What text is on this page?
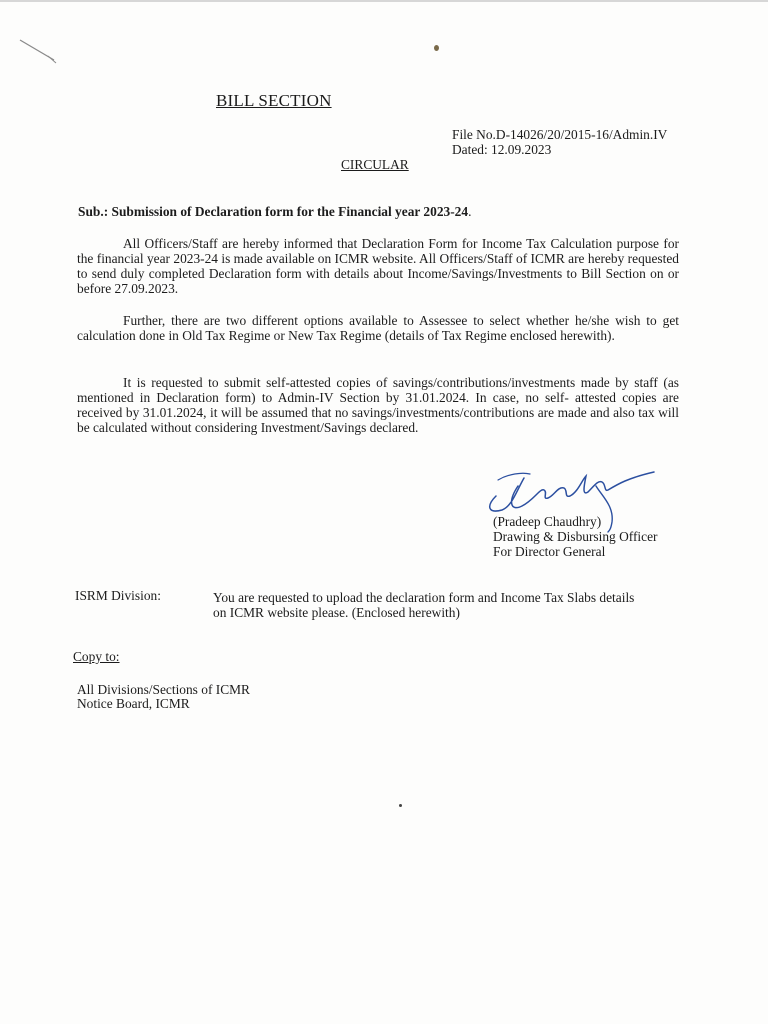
BILL SECTION
File No.D-14026/20/2015-16/Admin.IV
Dated: 12.09.2023
CIRCULAR
Sub.: Submission of Declaration form for the Financial year 2023-24.

All Officers/Staff are hereby informed that Declaration Form for Income Tax Calculation purpose for the financial year 2023-24 is made available on ICMR website. All Officers/Staff of ICMR are hereby requested to send duly completed Declaration form with details about Income/Savings/Investments to Bill Section on or before 27.09.2023.

Further, there are two different options available to Assessee to select whether he/she wish to get calculation done in Old Tax Regime or New Tax Regime (details of Tax Regime enclosed herewith).

It is requested to submit self-attested copies of savings/contributions/investments made by staff (as mentioned in Declaration form) to Admin-IV Section by 31.01.2024. In case, no self- attested copies are received by 31.01.2024, it will be assumed that no savings/investments/contributions are made and also tax will be calculated without considering Investment/Savings declared.

(Pradeep Chaudhry)
Drawing & Disbursing Officer
For Director General
ISRM Division:	You are requested to upload the declaration form and Income Tax Slabs details
on ICMR website please. (Enclosed herewith)
Copy to:
All Divisions/Sections of ICMR
Notice Board, ICMR
